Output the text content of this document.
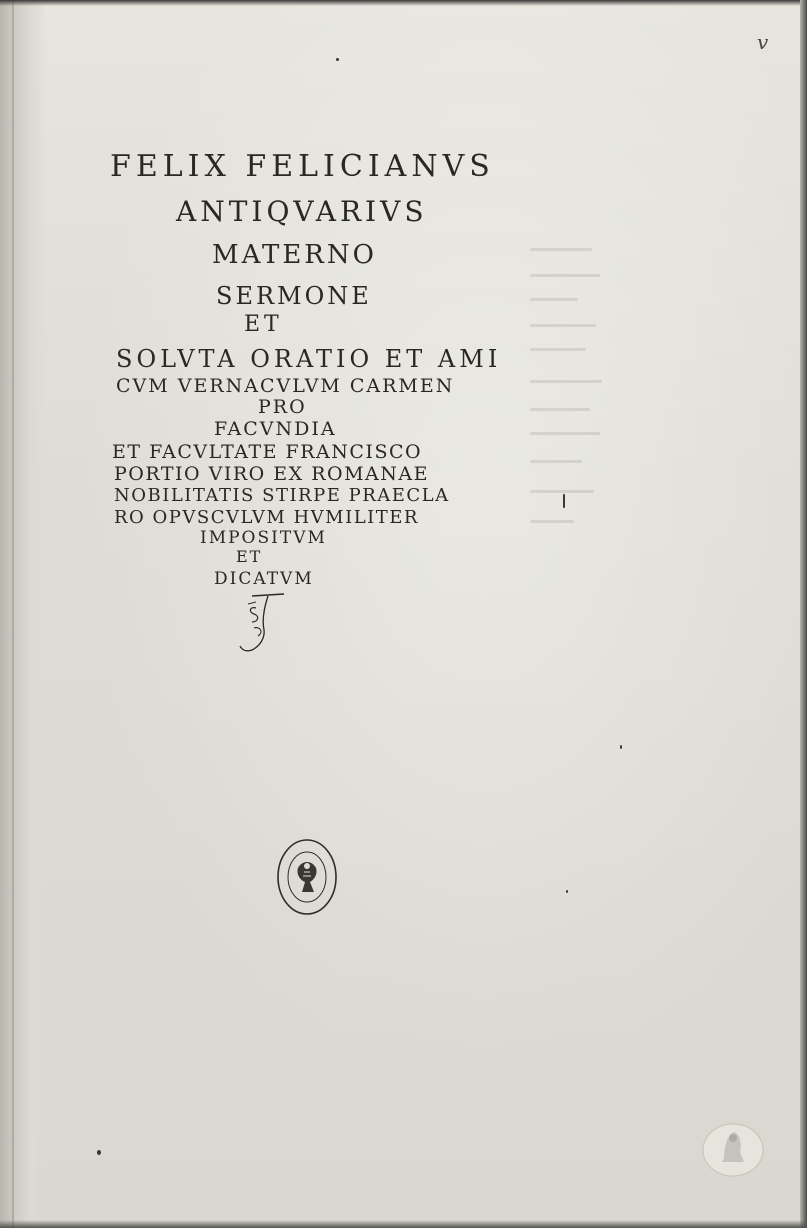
v
FELIX FELICIANVS
ANTIQVARIVS
MATERNO
SERMONE
ET
SOLVTA ORATIO ET AMI
CVM VERNACVLVM CARMEN
PRO
FACVNDIA
ET FACVLTATE FRANCISCO
PORTIO VIRO EX ROMANAE
NOBILITATIS STIRPE PRAECLA
RO OPVSCVLVM HVMILITER
IMPOSITVM
ET
DICATVM
